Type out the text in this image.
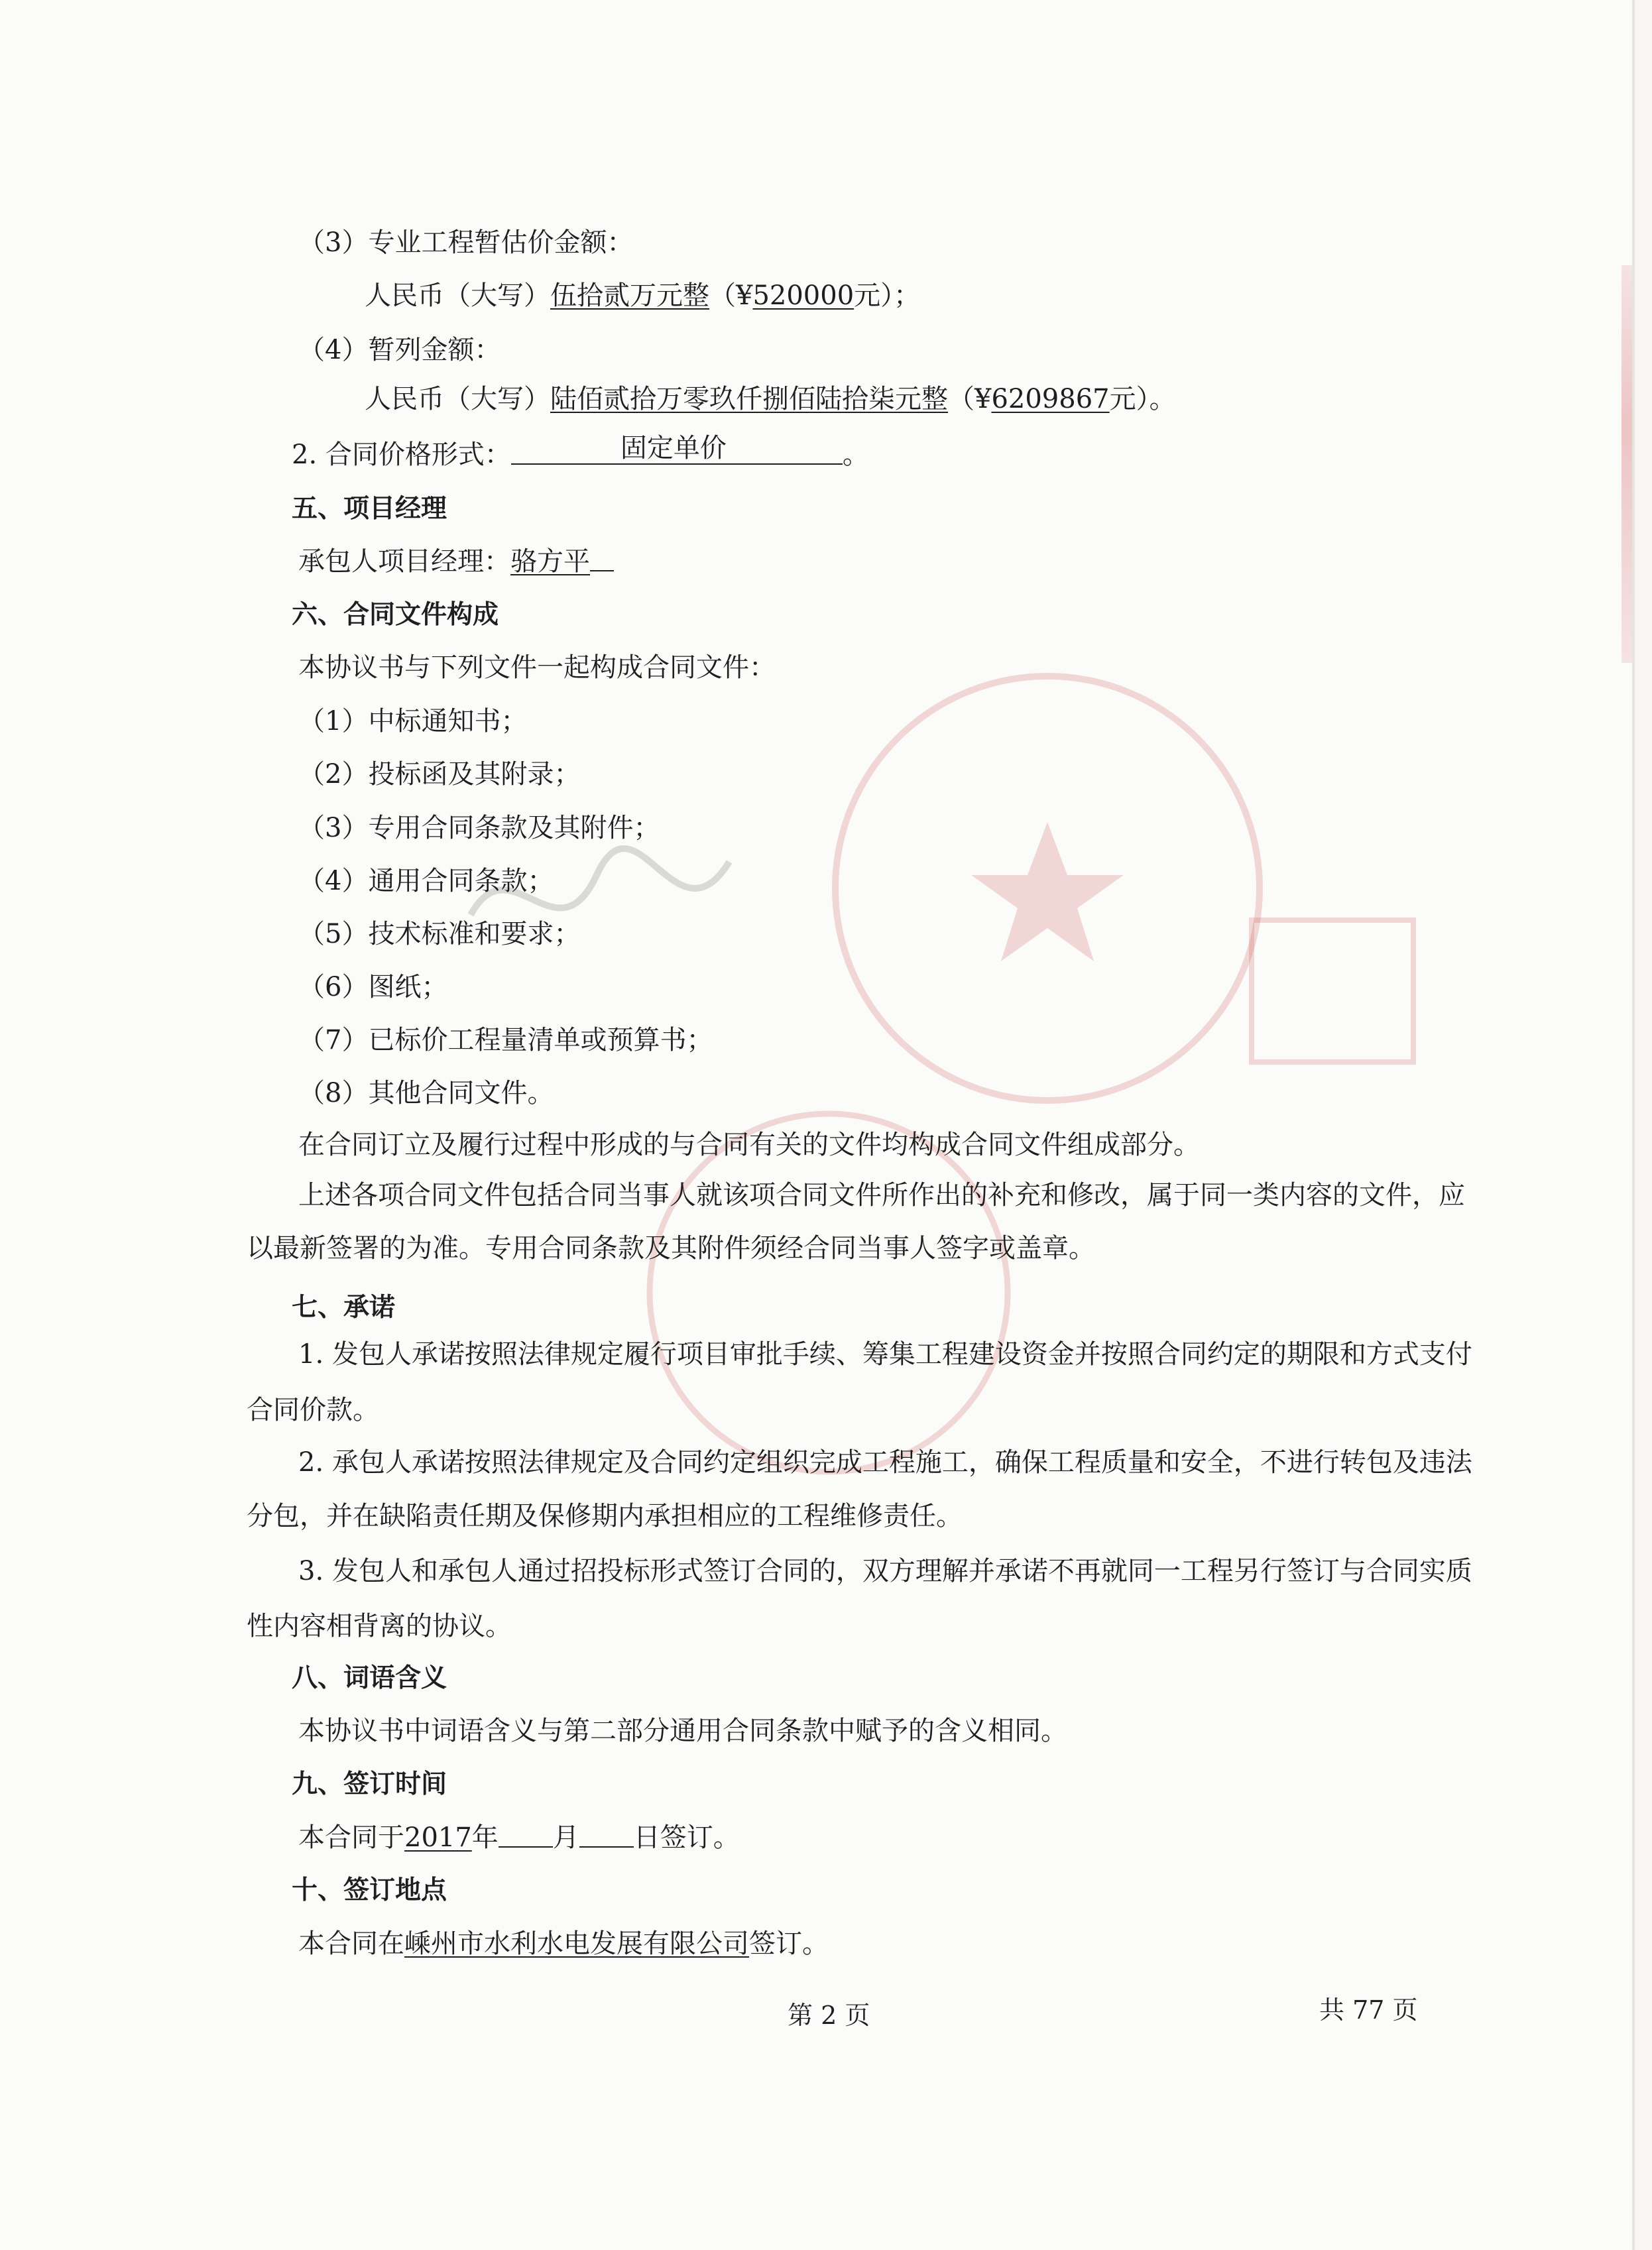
（3）专业工程暂估价金额：
人民币（大写）伍拾贰万元整（¥520000元）；
（4）暂列金额：
人民币（大写）陆佰贰拾万零玖仟捌佰陆拾柒元整（¥6209867元）。
2. 合同价格形式：	固定单价	。
五、项目经理
承包人项目经理：骆方平
六、合同文件构成
本协议书与下列文件一起构成合同文件：
（1）中标通知书；
（2）投标函及其附录；
（3）专用合同条款及其附件；
（4）通用合同条款；
（5）技术标准和要求；
（6）图纸；
（7）已标价工程量清单或预算书；
（8）其他合同文件。
在合同订立及履行过程中形成的与合同有关的文件均构成合同文件组成部分。
上述各项合同文件包括合同当事人就该项合同文件所作出的补充和修改，属于同一类内容的文件，应
以最新签署的为准。专用合同条款及其附件须经合同当事人签字或盖章。
七、承诺
1. 发包人承诺按照法律规定履行项目审批手续、筹集工程建设资金并按照合同约定的期限和方式支付
合同价款。
2. 承包人承诺按照法律规定及合同约定组织完成工程施工，确保工程质量和安全，不进行转包及违法
分包，并在缺陷责任期及保修期内承担相应的工程维修责任。
3. 发包人和承包人通过招投标形式签订合同的，双方理解并承诺不再就同一工程另行签订与合同实质
性内容相背离的协议。
八、词语含义
本协议书中词语含义与第二部分通用合同条款中赋予的含义相同。
九、签订时间
本合同于2017年 月 日签订。
十、签订地点
本合同在嵊州市水利水电发展有限公司签订。
第 2 页	共 77 页
